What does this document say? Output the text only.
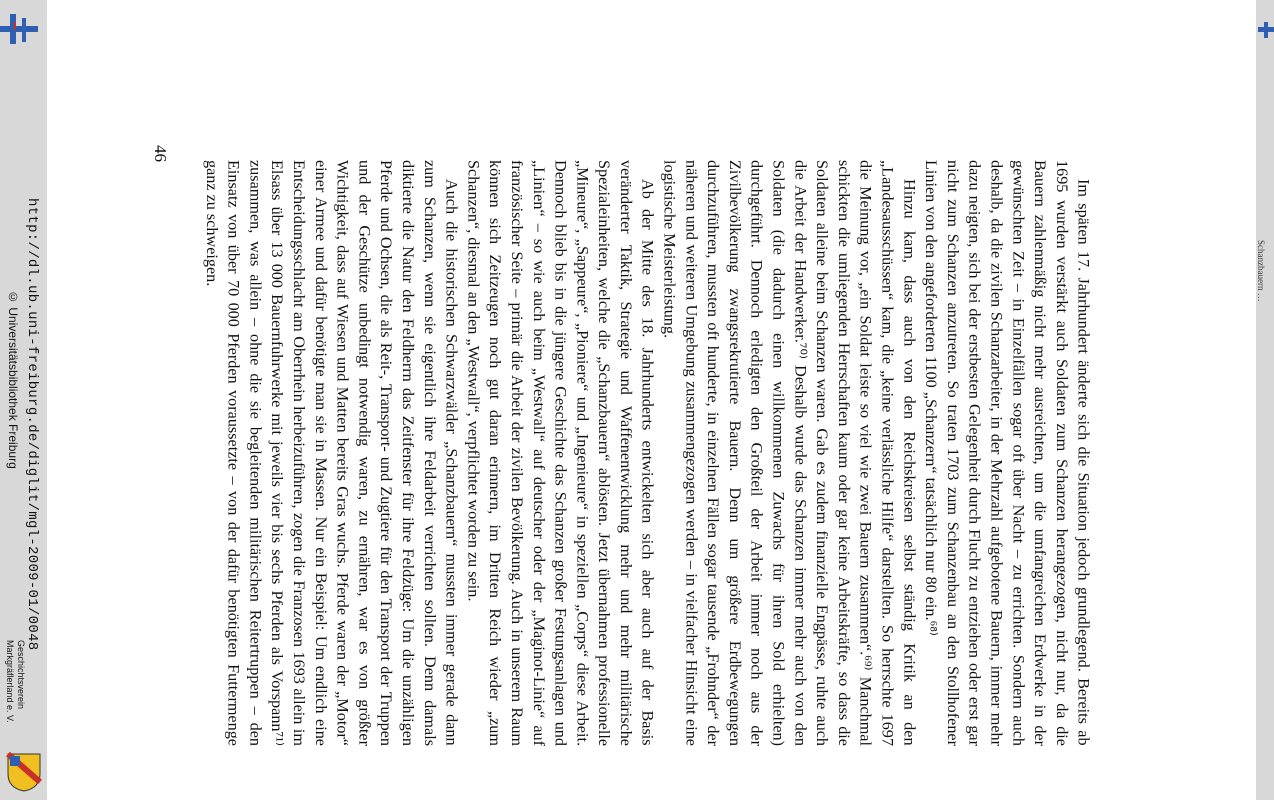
http://dl.ub.uni-freiburg.de/diglit/mgl-2009-01/0048
© Universitätsbibliothek Freiburg
Geschichtsverein
Markgräflerland e. V.
Schanzbauern …
46

Im späten 17. Jahrhundert änderte sich die Situation jedoch grundlegend. Bereits ab 1695 wurden verstärkt auch Soldaten zum Schanzen herangezogen, nicht nur, da die Bauern zahlenmäßig nicht mehr ausreichten, um die umfangreichen Erdwerke in der gewünschten Zeit – in Einzelfällen sogar oft über Nacht – zu errichten. Sondern auch deshalb, da die zivilen Schanzarbeiter, in der Mehrzahl aufgebotene Bauern, immer mehr dazu neigten, sich bei der erstbesten Gelegenheit durch Flucht zu entziehen oder erst gar nicht zum Schanzen anzutreten. So traten 1703 zum Schanzenbau an den Stollhofener Linien von den angeforderten 1100 „Schanzern“ tatsächlich nur 80 ein.⁶⁸⁾

Hinzu kam, dass auch von den Reichskreisen selbst ständig Kritik an den „Landesausschüssen“ kam, die „keine verlässliche Hilfe“ darstellten. So herrschte 1697 die Meinung vor, „ein Soldat leiste so viel wie zwei Bauern zusammen“.⁶⁹⁾ Manchmal schickten die umliegenden Herrschaften kaum oder gar keine Arbeitskräfte, so dass die Soldaten alleine beim Schanzen waren. Gab es zudem finanzielle Engpässe, ruhte auch die Arbeit der Handwerker.⁷⁰⁾ Deshalb wurde das Schanzen immer mehr auch von den Soldaten (die dadurch einen willkommenen Zuwachs für ihren Sold erhielten) durchgeführt. Dennoch erledigten den Großteil der Arbeit immer noch aus der Zivilbevölkerung zwangsrekrutierte Bauern. Denn um größere Erdbewegungen durchzuführen, mussten oft hunderte, in einzelnen Fällen sogar tausende „Frohnder“ der näheren und weiteren Umgebung zusammengezogen werden – in vielfacher Hinsicht eine logistische Meisterleistung.

Ab der Mitte des 18. Jahrhunderts entwickelten sich aber auch auf der Basis veränderter Taktik, Strategie und Waffenentwicklung mehr und mehr militärische Spezialeinheiten, welche die „Schanzbauern“ ablösten. Jetzt übernahmen professionelle „Mineure“, „Sappeure“, „Pioniere“ und „Ingenieure“ in speziellen „Corps“ diese Arbeit. Dennoch blieb bis in die jüngere Geschichte das Schanzen großer Festungsanlagen und „Linien“ – so wie auch beim „Westwall“ auf deutscher oder der „Maginot-Linie“ auf französischer Seite – primär die Arbeit der zivilen Bevölkerung. Auch in unserem Raum können sich Zeitzeugen noch gut daran erinnern, im Dritten Reich wieder „zum Schanzen“, diesmal an den „Westwall“, verpflichtet worden zu sein.

Auch die historischen Schwarzwälder „Schanzbauern“ mussten immer gerade dann zum Schanzen, wenn sie eigentlich ihre Feldarbeit verrichten sollten. Denn damals diktierte die Natur den Feldherrn das Zeitfenster für ihre Feldzüge: Um die unzähligen Pferde und Ochsen, die als Reit-, Transport- und Zugtiere für den Transport der Truppen und der Geschütze unbedingt notwendig waren, zu ernähren, war es von größter Wichtigkeit, dass auf Wiesen und Matten bereits Gras wuchs. Pferde waren der „Motor“ einer Armee und dafür benötigte man sie in Massen. Nur ein Beispiel: Um endlich eine Entscheidungsschlacht am Oberrhein herbeizuführen, zogen die Franzosen 1693 allein im Elsass über 13 000 Bauernfuhrwerke mit jeweils vier bis sechs Pferden als Vorspann⁷¹⁾ zusammen, was allein – ohne die sie begleitenden militärischen Reitertruppen – den Einsatz von über 70 000 Pferden voraussetzte – von der dafür benötigten Futtermenge ganz zu schweigen.
